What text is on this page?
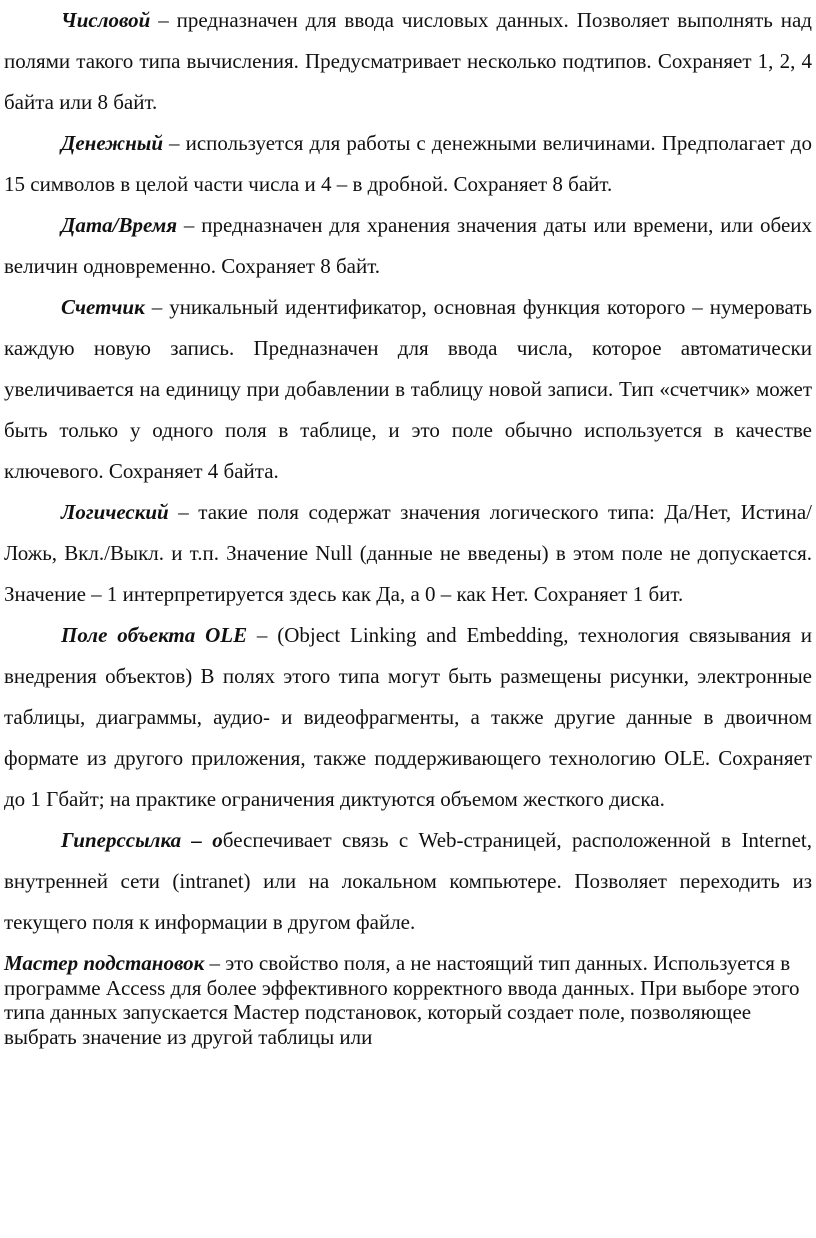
Числовой – предназначен для ввода числовых данных. Позволяет выполнять над полями такого типа вычисления. Предусматривает несколько подтипов. Сохраняет 1, 2, 4 байта или 8 байт.

Денежный – используется для работы с денежными величинами. Предполагает до 15 символов в целой части числа и 4 – в дробной. Сохраняет 8 байт.

Дата/Время – предназначен для хранения значения даты или времени, или обеих величин одновременно. Сохраняет 8 байт.

Счетчик – уникальный идентификатор, основная функция которого – нумеровать каждую новую запись. Предназначен для ввода числа, которое автоматически увеличивается на единицу при добавлении в таблицу новой записи. Тип «счетчик» может быть только у одного поля в таблице, и это поле обычно используется в качестве ключевого. Сохраняет 4 байта.

Логический – такие поля содержат значения логического типа: Да/Нет, Истина/Ложь, Вкл./Выкл. и т.п. Значение Null (данные не введены) в этом поле не допускается. Значение – 1 интерпретируется здесь как Да, а 0 – как Нет. Сохраняет 1 бит.

Поле объекта OLE – (Object Linking and Embedding, технология связывания и внедрения объектов) В полях этого типа могут быть размещены рисунки, электронные таблицы, диаграммы, аудио- и видеофрагменты, а также другие данные в двоичном формате из другого приложения, также поддерживающего технологию OLE. Сохраняет до 1 Гбайт; на практике ограничения диктуются объемом жесткого диска.

Гиперссылка – обеспечивает связь с Web-страницей, расположенной в Internet, внутренней сети (intranet) или на локальном компьютере. Позволяет переходить из текущего поля к информации в другом файле.

Мастер подстановок – это свойство поля, а не настоящий тип данных. Используется в программе Access для более эффективного корректного ввода данных. При выборе этого типа данных запускается Мастер подстановок, который создает поле, позволяющее выбрать значение из другой таблицы или
